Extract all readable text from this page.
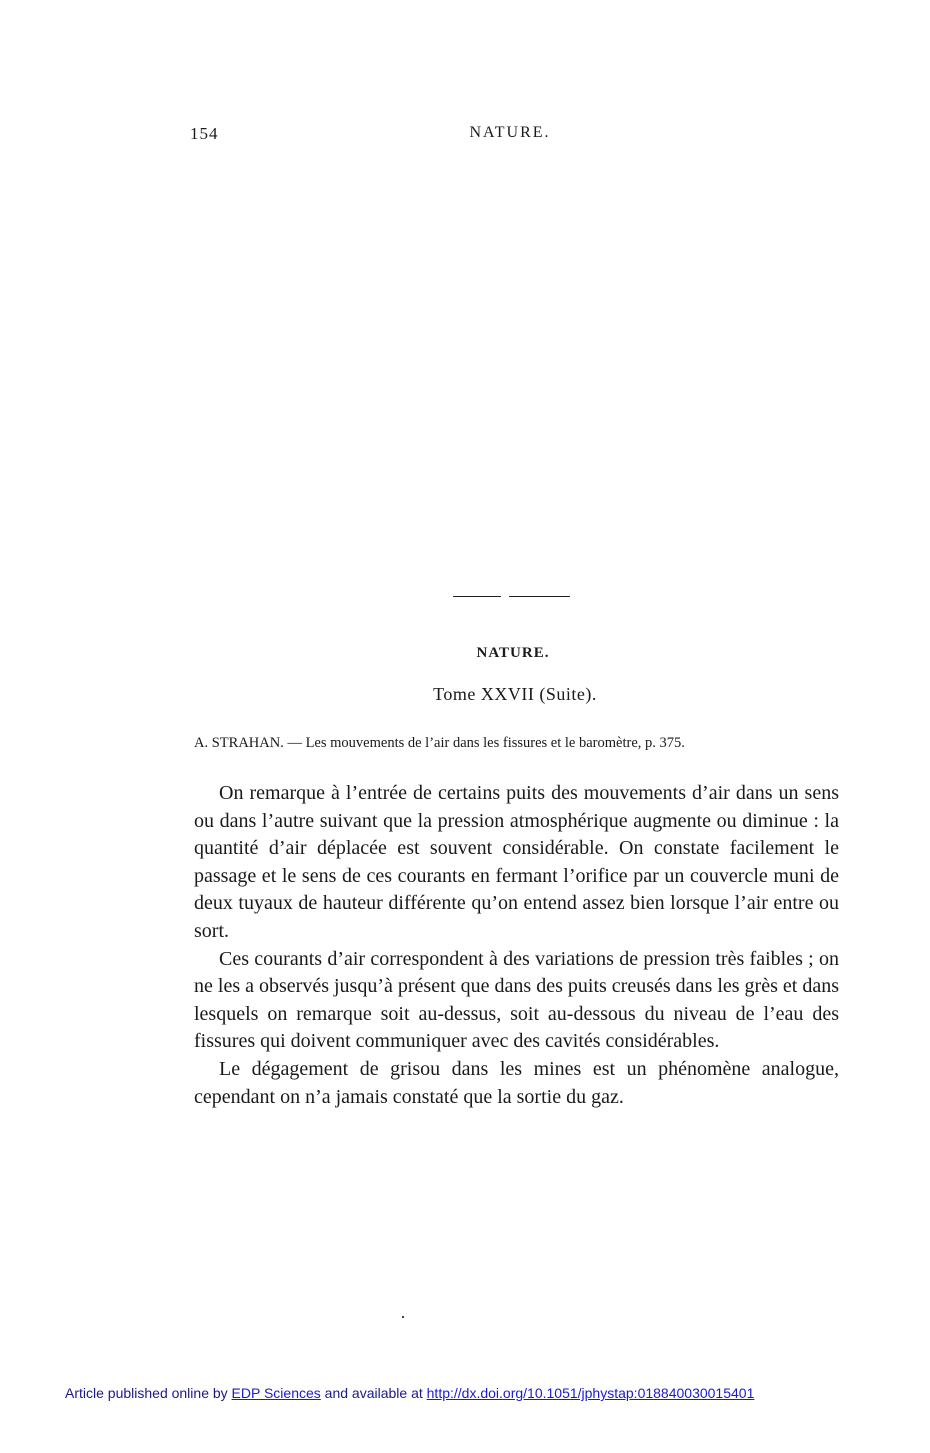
154	NATURE.
NATURE.
Tome XXVII (Suite).
A. STRAHAN. — Les mouvements de l’air dans les fissures et le baromètre, p. 375.

On remarque à l’entrée de certains puits des mouvements d’air dans un sens ou dans l’autre suivant que la pression atmosphérique augmente ou diminue : la quantité d’air déplacée est souvent considérable. On constate facilement le passage et le sens de ces courants en fermant l’orifice par un couvercle muni de deux tuyaux de hauteur différente qu’on entend assez bien lorsque l’air entre ou sort.

Ces courants d’air correspondent à des variations de pression très faibles ; on ne les a observés jusqu’à présent que dans des puits creusés dans les grès et dans lesquels on remarque soit au-dessus, soit au-dessous du niveau de l’eau des fissures qui doivent communiquer avec des cavités considérables.

Le dégagement de grisou dans les mines est un phénomène analogue, cependant on n’a jamais constaté que la sortie du gaz.

Article published online by EDP Sciences and available at http://dx.doi.org/10.1051/jphystap:018840030015401
